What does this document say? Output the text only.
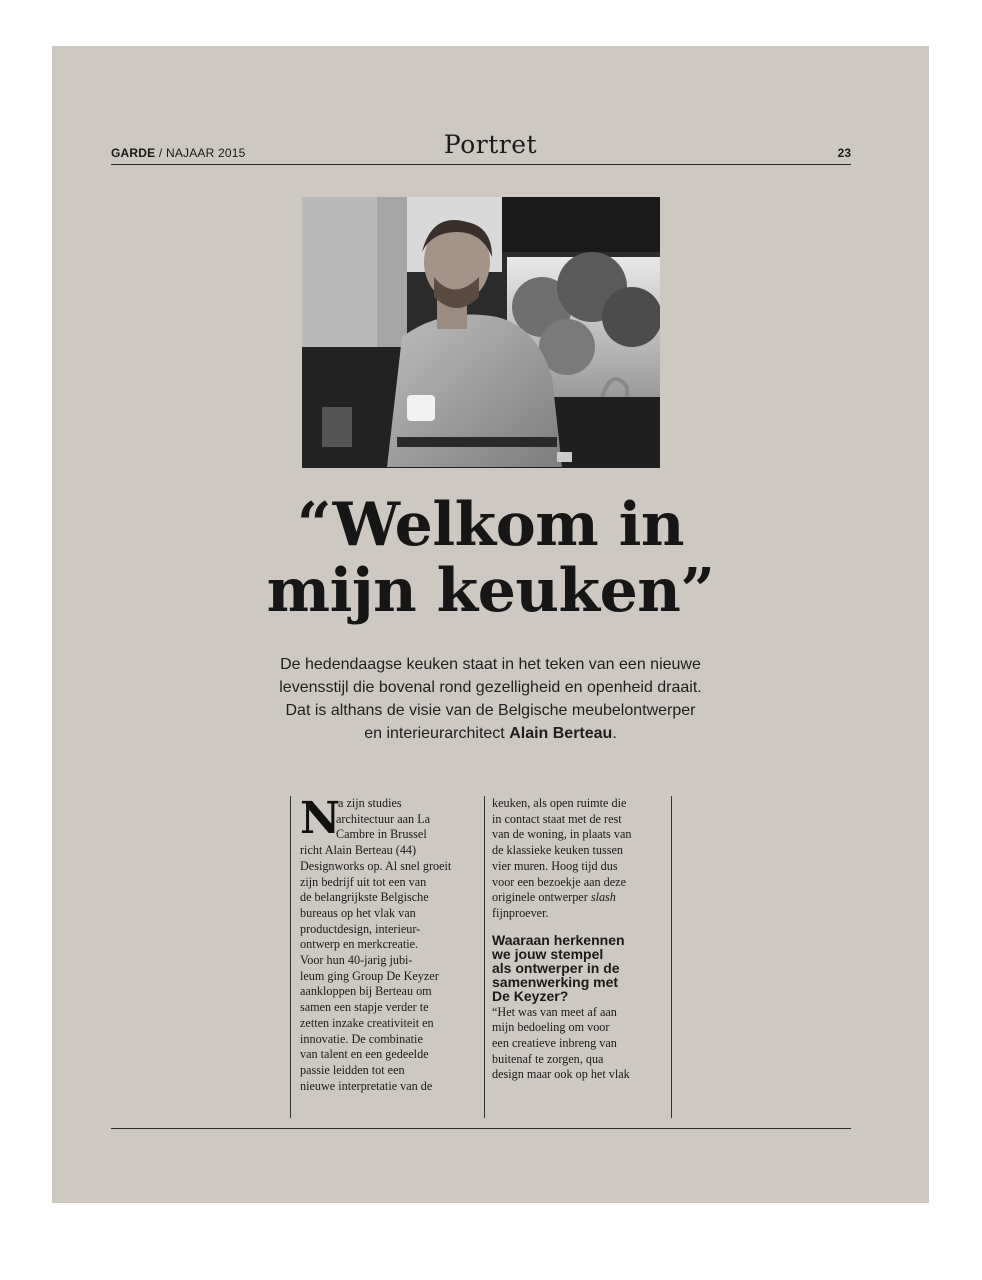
GARDE / NAJAAR 2015	Portret	23
“Welkom in
mijn keuken”
De hedendaagse keuken staat in het teken van een nieuwe
levensstijl die bovenal rond gezelligheid en openheid draait.
Dat is althans de visie van de Belgische meubelontwerper
en interieurarchitect Alain Berteau.
N
a zijn studies
architectuur aan La
Cambre in Brussel
richt Alain Berteau (44)
Designworks op. Al snel groeit
zijn bedrijf uit tot een van
de belangrijkste Belgische
bureaus op het vlak van
productdesign, interieur-
ontwerp en merkcreatie.
Voor hun 40-jarig jubi-
leum ging Group De Keyzer
aankloppen bij Berteau om
samen een stapje verder te
zetten inzake creativiteit en
innovatie. De combinatie
van talent en een gedeelde
passie leidden tot een
nieuwe interpretatie van de
keuken, als open ruimte die
in contact staat met de rest
van de woning, in plaats van
de klassieke keuken tussen
vier muren. Hoog tijd dus
voor een bezoekje aan deze
originele ontwerper slash
fijnproever.
Waaraan herkennen
we jouw stempel
als ontwerper in de
samenwerking met
De Keyzer?
“Het was van meet af aan
mijn bedoeling om voor
een creatieve inbreng van
buitenaf te zorgen, qua
design maar ook op het vlak
